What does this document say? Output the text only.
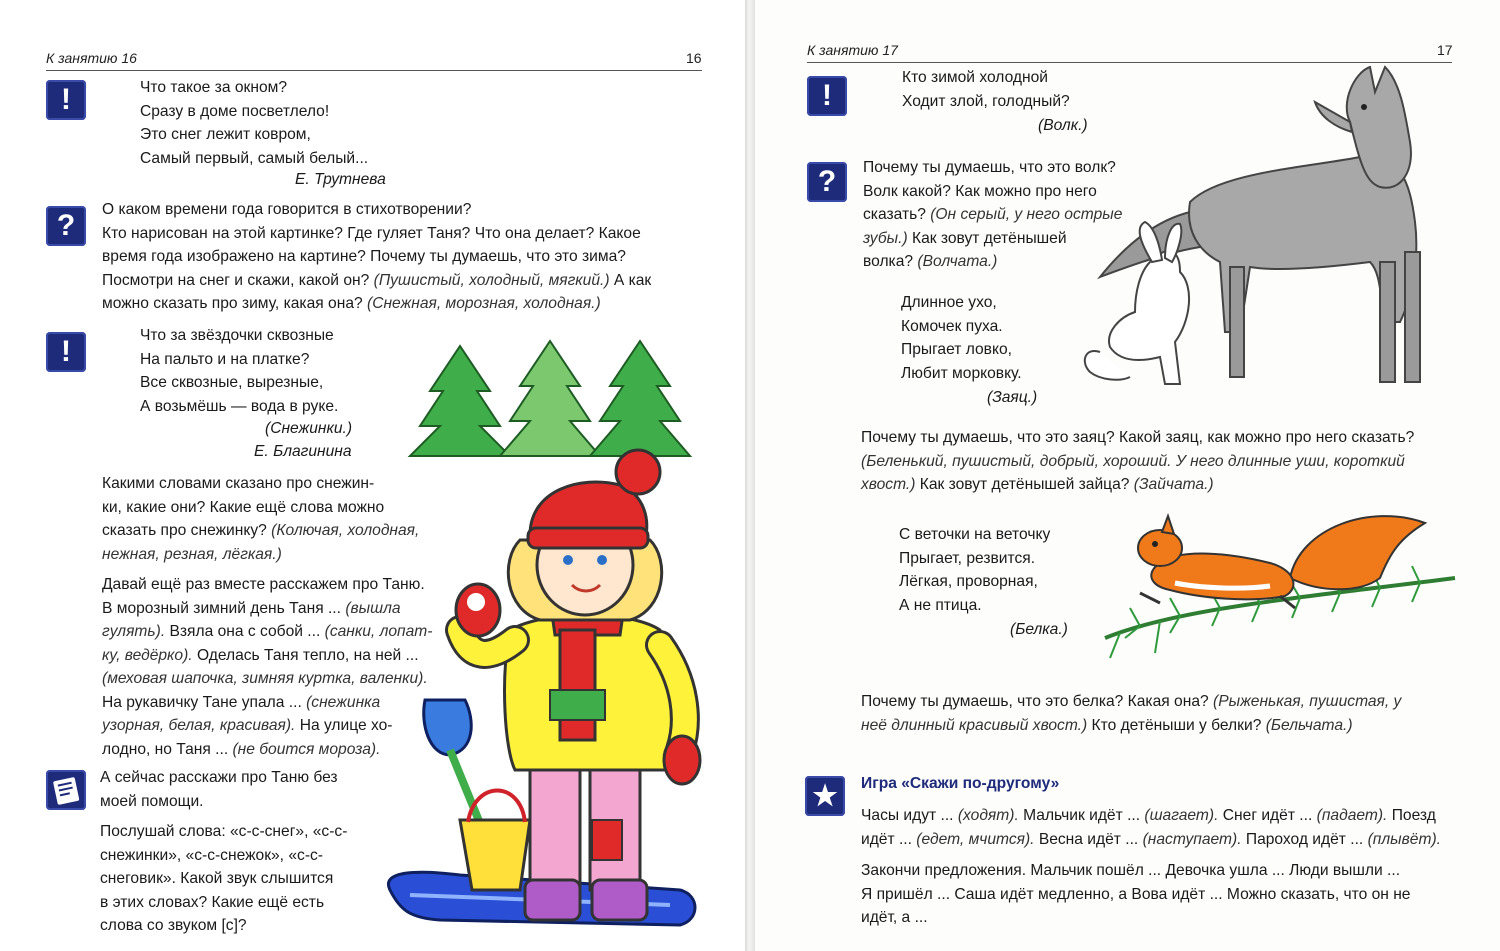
К занятию 16	16
!	Что такое за окном?
Сразу в доме посветлело!
Это снег лежит ковром,
Самый первый, самый белый...
Е. Трутнева
?	О каком времени года говорится в стихотворении?
Кто нарисован на этой картинке? Где гуляет Таня? Что она делает? Какое
время года изображено на картине? Почему ты думаешь, что это зима?
Посмотри на снег и скажи, какой он? (Пушистый, холодный, мягкий.) А как
можно сказать про зиму, какая она? (Снежная, морозная, холодная.)
!	Что за звёздочки сквозные
На пальто и на платке?
Все сквозные, вырезные,
А возьмёшь — вода в руке.
(Снежинки.)
Е. Благинина
Какими словами сказано про снежин-
ки, какие они? Какие ещё слова можно
сказать про снежинку? (Колючая, холодная,
нежная, резная, лёгкая.)
Давай ещё раз вместе расскажем про Таню.
В морозный зимний день Таня ... (вышла
гулять). Взяла она с собой ... (санки, лопат-
ку, ведёрко). Оделась Таня тепло, на ней ...
(меховая шапочка, зимняя куртка, валенки).
На рукавичку Тане упала ... (снежинка
узорная, белая, красивая). На улице хо-
лодно, но Таня ... (не боится мороза).
А сейчас расскажи про Таню без
моей помощи.
Послушай слова: «с-с-снег», «с-с-
снежинки», «с-с-снежок», «с-с-
снеговик». Какой звук слышится
в этих словах? Какие ещё есть
слова со звуком [с]?
К занятию 17	17
!
Кто зимой холодной
Ходит злой, голодный?
(Волк.)
?	Почему ты думаешь, что это волк?
Волк какой? Как можно про него
сказать? (Он серый, у него острые
зубы.) Как зовут детёнышей
волка? (Волчата.)
Длинное ухо,
Комочек пуха.
Прыгает ловко,
Любит морковку.
(Заяц.)
Почему ты думаешь, что это заяц? Какой заяц, как можно про него сказать?
(Беленький, пушистый, добрый, хороший. У него длинные уши, короткий
хвост.) Как зовут детёнышей зайца? (Зайчата.)
С веточки на веточку
Прыгает, резвится.
Лёгкая, проворная,
А не птица.
(Белка.)
Почему ты думаешь, что это белка? Какая она? (Рыженькая, пушистая, у
неё длинный красивый хвост.) Кто детёныши у белки? (Бельчата.)
★	Игра «Скажи по-другому»
Часы идут ... (ходят). Мальчик идёт ... (шагает). Снег идёт ... (падает). Поезд
идёт ... (едет, мчится). Весна идёт ... (наступает). Пароход идёт ... (плывёт).
Закончи предложения. Мальчик пошёл ... Девочка ушла ... Люди вышли ...
Я пришёл ... Саша идёт медленно, а Вова идёт ... Можно сказать, что он не
идёт, а ...
